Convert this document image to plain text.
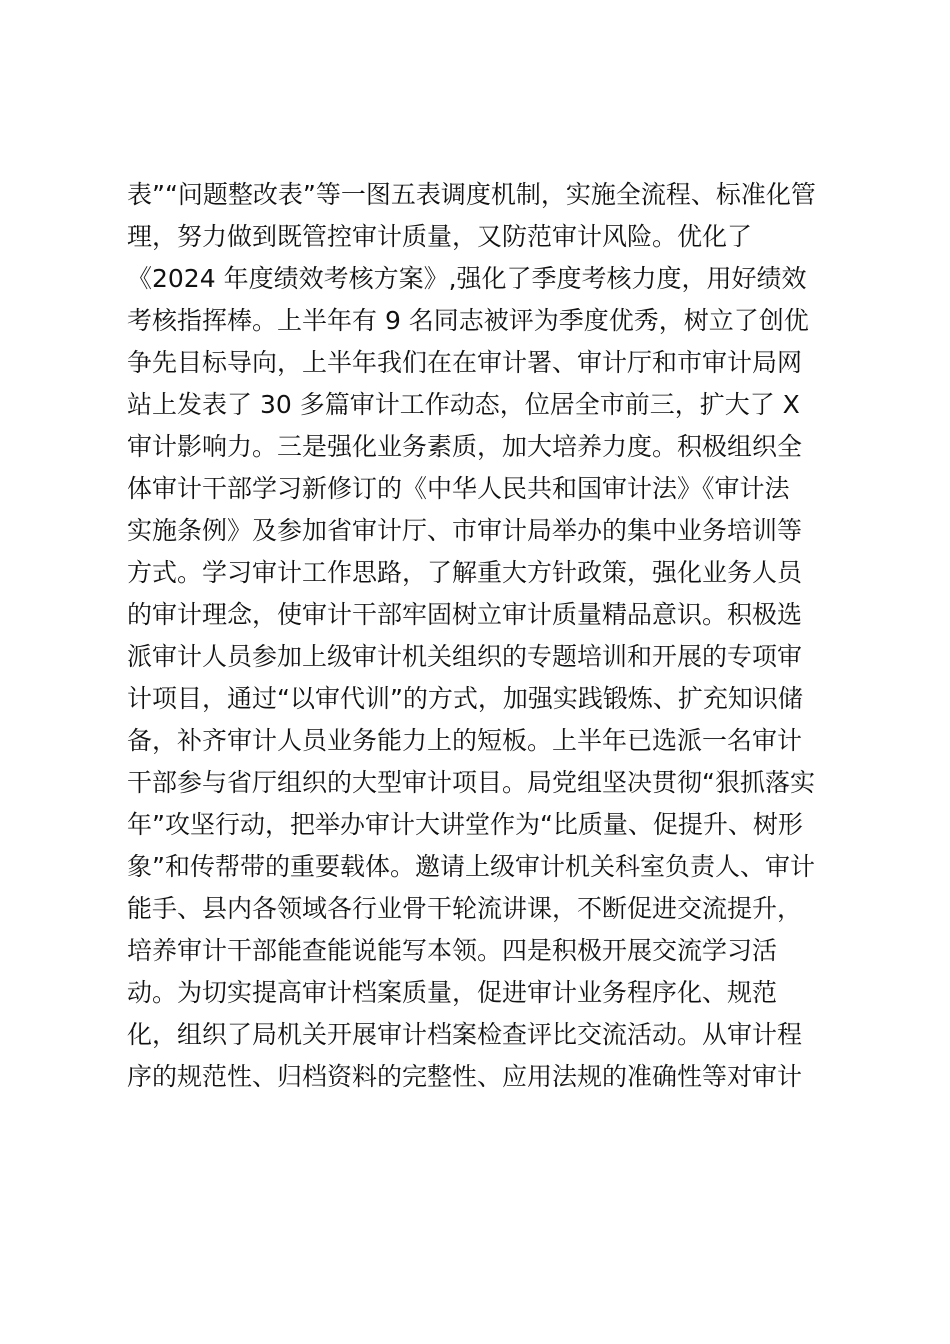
表”“问题整改表”等一图五表调度机制，实施全流程、标准化管
理，努力做到既管控审计质量，又防范审计风险。优化了
《2024 年度绩效考核方案》,强化了季度考核力度，用好绩效
考核指挥棒。上半年有 9 名同志被评为季度优秀，树立了创优
争先目标导向，上半年我们在在审计署、审计厅和市审计局网
站上发表了 30 多篇审计工作动态，位居全市前三，扩大了 X
审计影响力。三是强化业务素质，加大培养力度。积极组织全
体审计干部学习新修订的《中华人民共和国审计法》《审计法
实施条例》及参加省审计厅、市审计局举办的集中业务培训等
方式。学习审计工作思路，了解重大方针政策，强化业务人员
的审计理念，使审计干部牢固树立审计质量精品意识。积极选
派审计人员参加上级审计机关组织的专题培训和开展的专项审
计项目，通过“以审代训”的方式，加强实践锻炼、扩充知识储
备，补齐审计人员业务能力上的短板。上半年已选派一名审计
干部参与省厅组织的大型审计项目。局党组坚决贯彻“狠抓落实
年”攻坚行动，把举办审计大讲堂作为“比质量、促提升、树形
象”和传帮带的重要载体。邀请上级审计机关科室负责人、审计
能手、县内各领域各行业骨干轮流讲课，不断促进交流提升，
培养审计干部能查能说能写本领。四是积极开展交流学习活
动。为切实提高审计档案质量，促进审计业务程序化、规范
化，组织了局机关开展审计档案检查评比交流活动。从审计程
序的规范性、归档资料的完整性、应用法规的准确性等对审计
